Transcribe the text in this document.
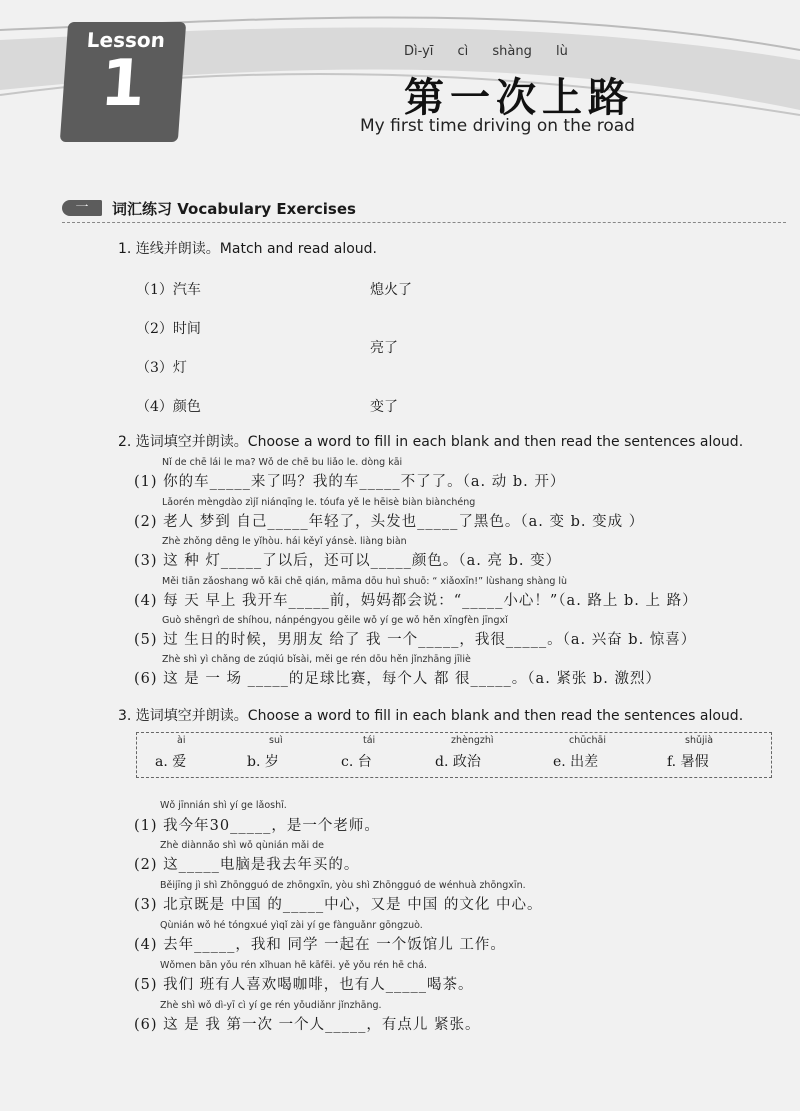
Lesson
1	Dì-yī cì shàng lù
第一次上路
My first time driving on the road
一	词汇练习 Vocabulary Exercises
1. 连线并朗读。Match and read aloud.
（1）汽车
（2）时间
（3）灯
（4）颜色
熄火了
亮了
变了
2. 选词填空并朗读。Choose a word to fill in each blank and then read the sentences aloud.
Nǐ de chē lái le ma? Wǒ de chē bu liǎo le. dòng kāi
(1) 你的车_____来了吗？我的车_____不了了。（a. 动 b. 开）
Lǎorén mèngdào zìjǐ niánqīng le. tóufa yě le hēisè biàn biànchéng
(2) 老人 梦到 自己_____年轻了，头发也_____了黑色。（a. 变 b. 变成 ）
Zhè zhǒng dēng le yǐhòu. hái kěyǐ yánsè. liàng biàn
(3) 这 种 灯_____了以后，还可以_____颜色。（a. 亮 b. 变）
Měi tiān zǎoshang wǒ kāi chē qián, māma dōu huì shuō: “ xiǎoxīn!” lùshang shàng lù
(4) 每 天 早上 我开车_____前，妈妈都会说：“_____小心！”（a. 路上 b. 上 路）
Guò shēngrì de shíhou, nánpéngyou gěile wǒ yí ge wǒ hěn xīngfèn jīngxǐ
(5) 过 生日的时候，男朋友 给了 我 一个_____，我很_____。（a. 兴奋 b. 惊喜）
Zhè shì yì chǎng de zúqiú bǐsài, měi ge rén dōu hěn jǐnzhāng jīliè
(6) 这 是 一 场 _____的足球比赛，每个人 都 很_____。（a. 紧张 b. 激烈）
3. 选词填空并朗读。Choose a word to fill in each blank and then read the sentences aloud.
ài
a. 爱
suì
b. 岁
tái
c. 台
zhèngzhì
d. 政治
chūchāi
e. 出差
shǔjià
f. 暑假
Wǒ jīnnián shì yí ge lǎoshī.
(1) 我今年30_____，是一个老师。
Zhè diànnǎo shì wǒ qùnián mǎi de
(2) 这_____电脑是我去年买的。
Běijīng jì shì Zhōngguó de zhōngxīn, yòu shì Zhōngguó de wénhuà zhōngxīn.
(3) 北京既是 中国 的_____中心，又是 中国 的文化 中心。
Qùnián wǒ hé tóngxué yìqǐ zài yí ge fànguǎnr gōngzuò.
(4) 去年_____，我和 同学 一起在 一个饭馆儿 工作。
Wǒmen bān yǒu rén xǐhuan hē kāfēi. yě yǒu rén hē chá.
(5) 我们 班有人喜欢喝咖啡，也有人_____喝茶。
Zhè shì wǒ dì-yī cì yí ge rén yǒudiǎnr jǐnzhāng.
(6) 这 是 我 第一次 一个人_____，有点儿 紧张。
